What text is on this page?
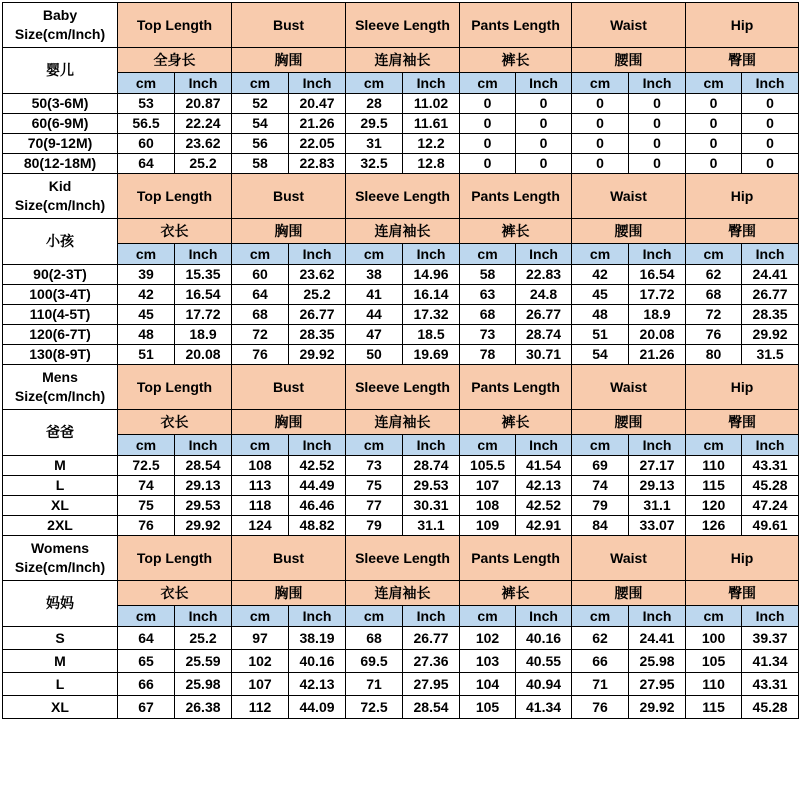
Baby
Size(cm/Inch)	Top Length		Bust		Sleeve Length		Pants Length		Waist		Hip	
婴儿	全身长		胸围		连肩袖长		裤长		腰围		臀围	
	cm	Inch	cm	Inch	cm	Inch	cm	Inch	cm	Inch	cm	Inch
50(3-6M)	53	20.87	52	20.47	28	11.02	0	0	0	0	0	0
60(6-9M)	56.5	22.24	54	21.26	29.5	11.61	0	0	0	0	0	0
70(9-12M)	60	23.62	56	22.05	31	12.2	0	0	0	0	0	0
80(12-18M)	64	25.2	58	22.83	32.5	12.8	0	0	0	0	0	0

Kid
Size(cm/Inch)	Top Length		Bust		Sleeve Length		Pants Length		Waist		Hip	
小孩	衣长		胸围		连肩袖长		裤长		腰围		臀围	
	cm	Inch	cm	Inch	cm	Inch	cm	Inch	cm	Inch	cm	Inch
90(2-3T)	39	15.35	60	23.62	38	14.96	58	22.83	42	16.54	62	24.41
100(3-4T)	42	16.54	64	25.2	41	16.14	63	24.8	45	17.72	68	26.77
110(4-5T)	45	17.72	68	26.77	44	17.32	68	26.77	48	18.9	72	28.35
120(6-7T)	48	18.9	72	28.35	47	18.5	73	28.74	51	20.08	76	29.92
130(8-9T)	51	20.08	76	29.92	50	19.69	78	30.71	54	21.26	80	31.5

Mens
Size(cm/Inch)	Top Length		Bust		Sleeve Length		Pants Length		Waist		Hip	
爸爸	衣长		胸围		连肩袖长		裤长		腰围		臀围	
	cm	Inch	cm	Inch	cm	Inch	cm	Inch	cm	Inch	cm	Inch
M	72.5	28.54	108	42.52	73	28.74	105.5	41.54	69	27.17	110	43.31
L	74	29.13	113	44.49	75	29.53	107	42.13	74	29.13	115	45.28
XL	75	29.53	118	46.46	77	30.31	108	42.52	79	31.1	120	47.24
2XL	76	29.92	124	48.82	79	31.1	109	42.91	84	33.07	126	49.61

Womens
Size(cm/Inch)	Top Length		Bust		Sleeve Length		Pants Length		Waist		Hip	
妈妈	衣长		胸围		连肩袖长		裤长		腰围		臀围	
	cm	Inch	cm	Inch	cm	Inch	cm	Inch	cm	Inch	cm	Inch
S	64	25.2	97	38.19	68	26.77	102	40.16	62	24.41	100	39.37
M	65	25.59	102	40.16	69.5	27.36	103	40.55	66	25.98	105	41.34
L	66	25.98	107	42.13	71	27.95	104	40.94	71	27.95	110	43.31
XL	67	26.38	112	44.09	72.5	28.54	105	41.34	76	29.92	115	45.28
